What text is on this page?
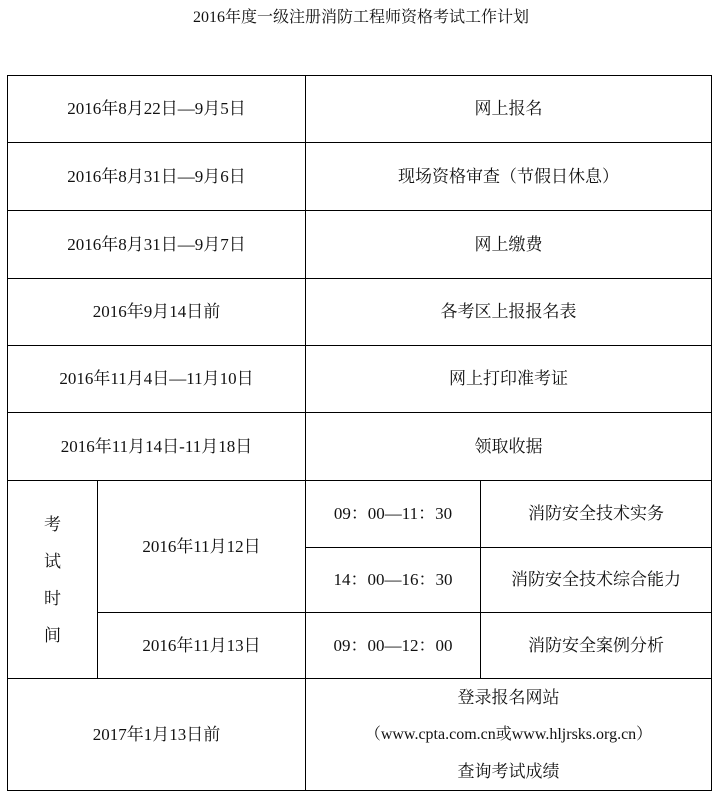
2016年度一级注册消防工程师资格考试工作计划
2016年8月22日—9月5日		网上报名	
2016年8月31日—9月6日		现场资格审查（节假日休息）	
2016年8月31日—9月7日		网上缴费	
2016年9月14日前		各考区上报报名表	
2016年11月4日—11月10日		网上打印准考证	
2016年11月14日-11月18日		领取收据	
考试时间	2016年11月12日	09：00—11：30	消防安全技术实务
		14：00—16：30	消防安全技术综合能力
	2016年11月13日	09：00—12：00	消防安全案例分析
2017年1月13日前		登录报名网站
（www.cpta.com.cn或www.hljrsks.org.cn）
查询考试成绩	
